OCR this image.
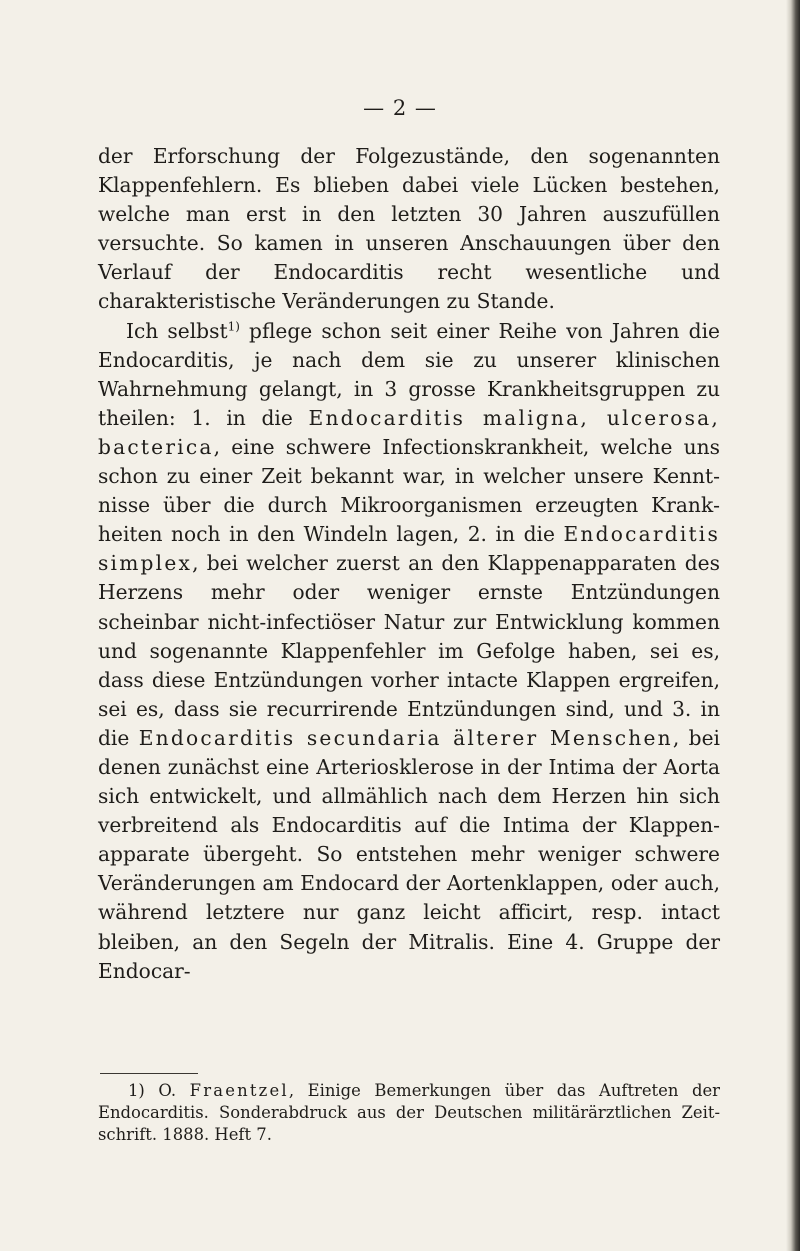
— 2 —

der Erforschung der Folgezustände, den sogenannten Klappenfehlern. Es blieben dabei viele Lücken bestehen, welche man erst in den letzten 30 Jahren auszufüllen versuchte. So kamen in unseren Anschauungen über den Verlauf der Endocarditis recht wesentliche und charakteristische Veränderungen zu Stande.

Ich selbst$^{1)}$ pflege schon seit einer Reihe von Jahren die Endocarditis, je nach dem sie zu unserer klinischen Wahrnehmung gelangt, in 3 grosse Krankheitsgruppen zu theilen: 1. in die Endocarditis maligna, ulcerosa, bacterica, eine schwere Infectionskrankheit, welche uns schon zu einer Zeit bekannt war, in welcher unsere Kenntnisse über die durch Mikroorganismen erzeugten Krankheiten noch in den Windeln lagen, 2. in die Endocarditis simplex, bei welcher zuerst an den Klappenapparaten des Herzens mehr oder weniger ernste Entzündungen scheinbar nicht-infectiöser Natur zur Entwicklung kommen und sogenannte Klappenfehler im Gefolge haben, sei es, dass diese Entzündungen vorher intacte Klappen ergreifen, sei es, dass sie recurrirende Entzündungen sind, und 3. in die Endocarditis secundaria älterer Menschen, bei denen zunächst eine Arteriosklerose in der Intima der Aorta sich entwickelt, und allmählich nach dem Herzen hin sich verbreitend als Endocarditis auf die Intima der Klappenapparate übergeht. So entstehen mehr weniger schwere Veränderungen am Endocard der Aortenklappen, oder auch, während letztere nur ganz leicht afficirt, resp. intact bleiben, an den Segeln der Mitralis. Eine 4. Gruppe der Endocar-

1) O. Fraentzel, Einige Bemerkungen über das Auftreten der Endocarditis. Sonderabdruck aus der Deutschen militärärztlichen Zeitschrift. 1888. Heft 7.
